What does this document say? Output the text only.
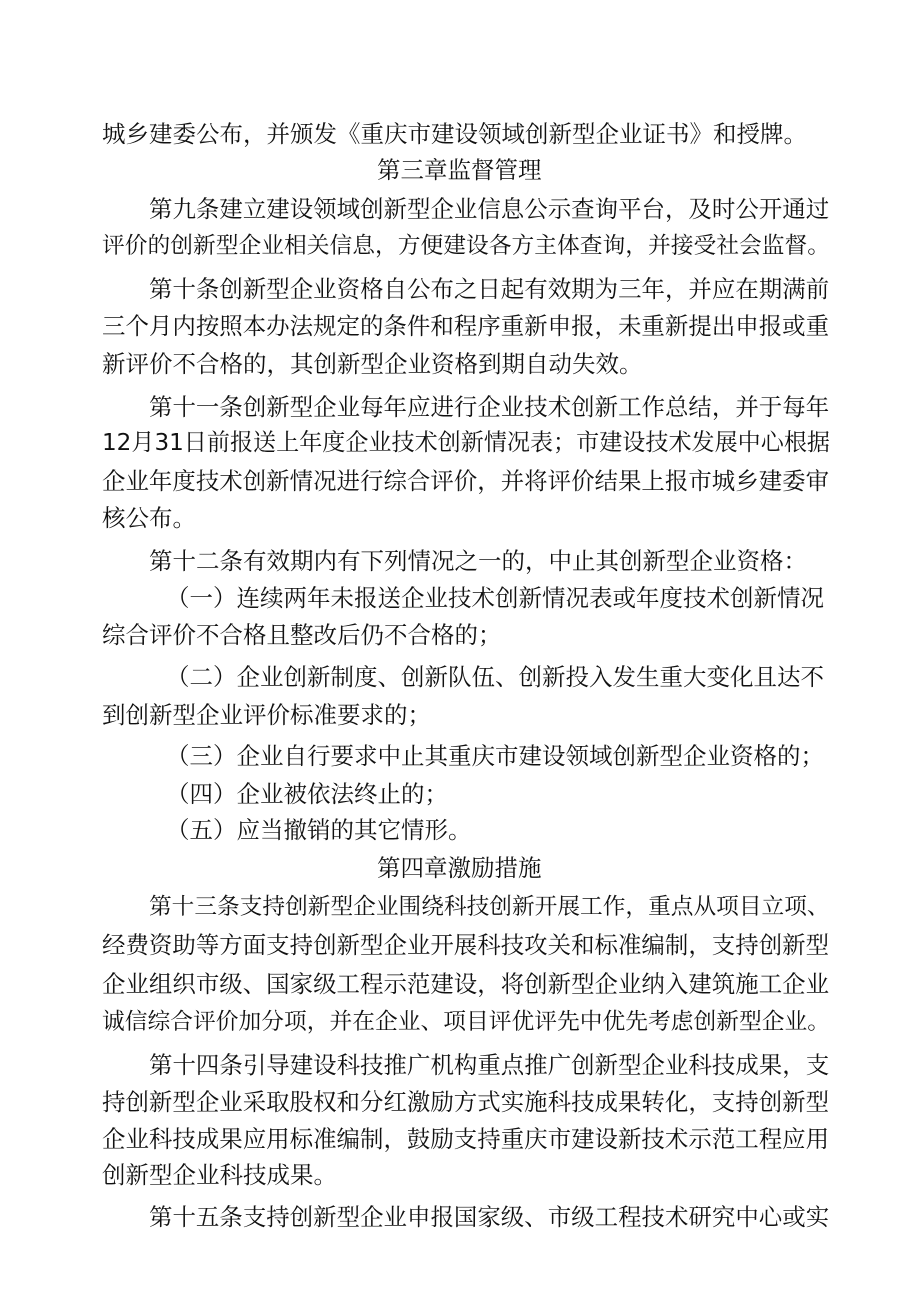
城乡建委公布，并颁发《重庆市建设领域创新型企业证书》和授牌。
第三章监督管理
第九条建立建设领域创新型企业信息公示查询平台，及时公开通过
评价的创新型企业相关信息，方便建设各方主体查询，并接受社会监督。
第十条创新型企业资格自公布之日起有效期为三年，并应在期满前
三个月内按照本办法规定的条件和程序重新申报，未重新提出申报或重
新评价不合格的，其创新型企业资格到期自动失效。
第十一条创新型企业每年应进行企业技术创新工作总结，并于每年
12月31日前报送上年度企业技术创新情况表；市建设技术发展中心根据
企业年度技术创新情况进行综合评价，并将评价结果上报市城乡建委审
核公布。
第十二条有效期内有下列情况之一的，中止其创新型企业资格：
（一）连续两年未报送企业技术创新情况表或年度技术创新情况
综合评价不合格且整改后仍不合格的；
（二）企业创新制度、创新队伍、创新投入发生重大变化且达不
到创新型企业评价标准要求的；
（三）企业自行要求中止其重庆市建设领域创新型企业资格的；
（四）企业被依法终止的；
（五）应当撤销的其它情形。
第四章激励措施
第十三条支持创新型企业围绕科技创新开展工作，重点从项目立项、
经费资助等方面支持创新型企业开展科技攻关和标准编制，支持创新型
企业组织市级、国家级工程示范建设，将创新型企业纳入建筑施工企业
诚信综合评价加分项，并在企业、项目评优评先中优先考虑创新型企业。
第十四条引导建设科技推广机构重点推广创新型企业科技成果，支
持创新型企业采取股权和分红激励方式实施科技成果转化，支持创新型
企业科技成果应用标准编制，鼓励支持重庆市建设新技术示范工程应用
创新型企业科技成果。
第十五条支持创新型企业申报国家级、市级工程技术研究中心或实
